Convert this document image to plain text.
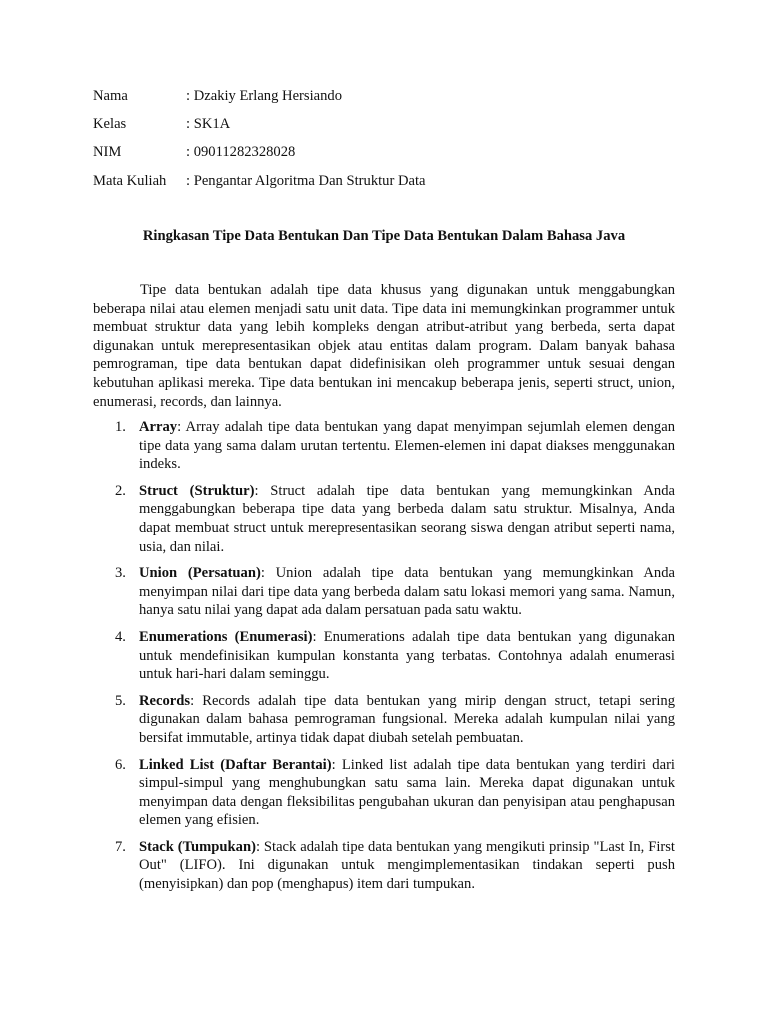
Nama	: Dzakiy Erlang Hersiando
Kelas	: SK1A
NIM	: 09011282328028
Mata Kuliah : Pengantar Algoritma Dan Struktur Data
Ringkasan Tipe Data Bentukan Dan Tipe Data Bentukan Dalam Bahasa Java

Tipe data bentukan adalah tipe data khusus yang digunakan untuk menggabungkan beberapa nilai atau elemen menjadi satu unit data. Tipe data ini memungkinkan programmer untuk membuat struktur data yang lebih kompleks dengan atribut-atribut yang berbeda, serta dapat digunakan untuk merepresentasikan objek atau entitas dalam program. Dalam banyak bahasa pemrograman, tipe data bentukan dapat didefinisikan oleh programmer untuk sesuai dengan kebutuhan aplikasi mereka. Tipe data bentukan ini mencakup beberapa jenis, seperti struct, union, enumerasi, records, dan lainnya.

1. Array: Array adalah tipe data bentukan yang dapat menyimpan sejumlah elemen dengan tipe data yang sama dalam urutan tertentu. Elemen-elemen ini dapat diakses menggunakan indeks.
2. Struct (Struktur): Struct adalah tipe data bentukan yang memungkinkan Anda menggabungkan beberapa tipe data yang berbeda dalam satu struktur. Misalnya, Anda dapat membuat struct untuk merepresentasikan seorang siswa dengan atribut seperti nama, usia, dan nilai.
3. Union (Persatuan): Union adalah tipe data bentukan yang memungkinkan Anda menyimpan nilai dari tipe data yang berbeda dalam satu lokasi memori yang sama. Namun, hanya satu nilai yang dapat ada dalam persatuan pada satu waktu.
4. Enumerations (Enumerasi): Enumerations adalah tipe data bentukan yang digunakan untuk mendefinisikan kumpulan konstanta yang terbatas. Contohnya adalah enumerasi untuk hari-hari dalam seminggu.
5. Records: Records adalah tipe data bentukan yang mirip dengan struct, tetapi sering digunakan dalam bahasa pemrograman fungsional. Mereka adalah kumpulan nilai yang bersifat immutable, artinya tidak dapat diubah setelah pembuatan.
6. Linked List (Daftar Berantai): Linked list adalah tipe data bentukan yang terdiri dari simpul-simpul yang menghubungkan satu sama lain. Mereka dapat digunakan untuk menyimpan data dengan fleksibilitas pengubahan ukuran dan penyisipan atau penghapusan elemen yang efisien.
7. Stack (Tumpukan): Stack adalah tipe data bentukan yang mengikuti prinsip "Last In, First Out" (LIFO). Ini digunakan untuk mengimplementasikan tindakan seperti push (menyisipkan) dan pop (menghapus) item dari tumpukan.
